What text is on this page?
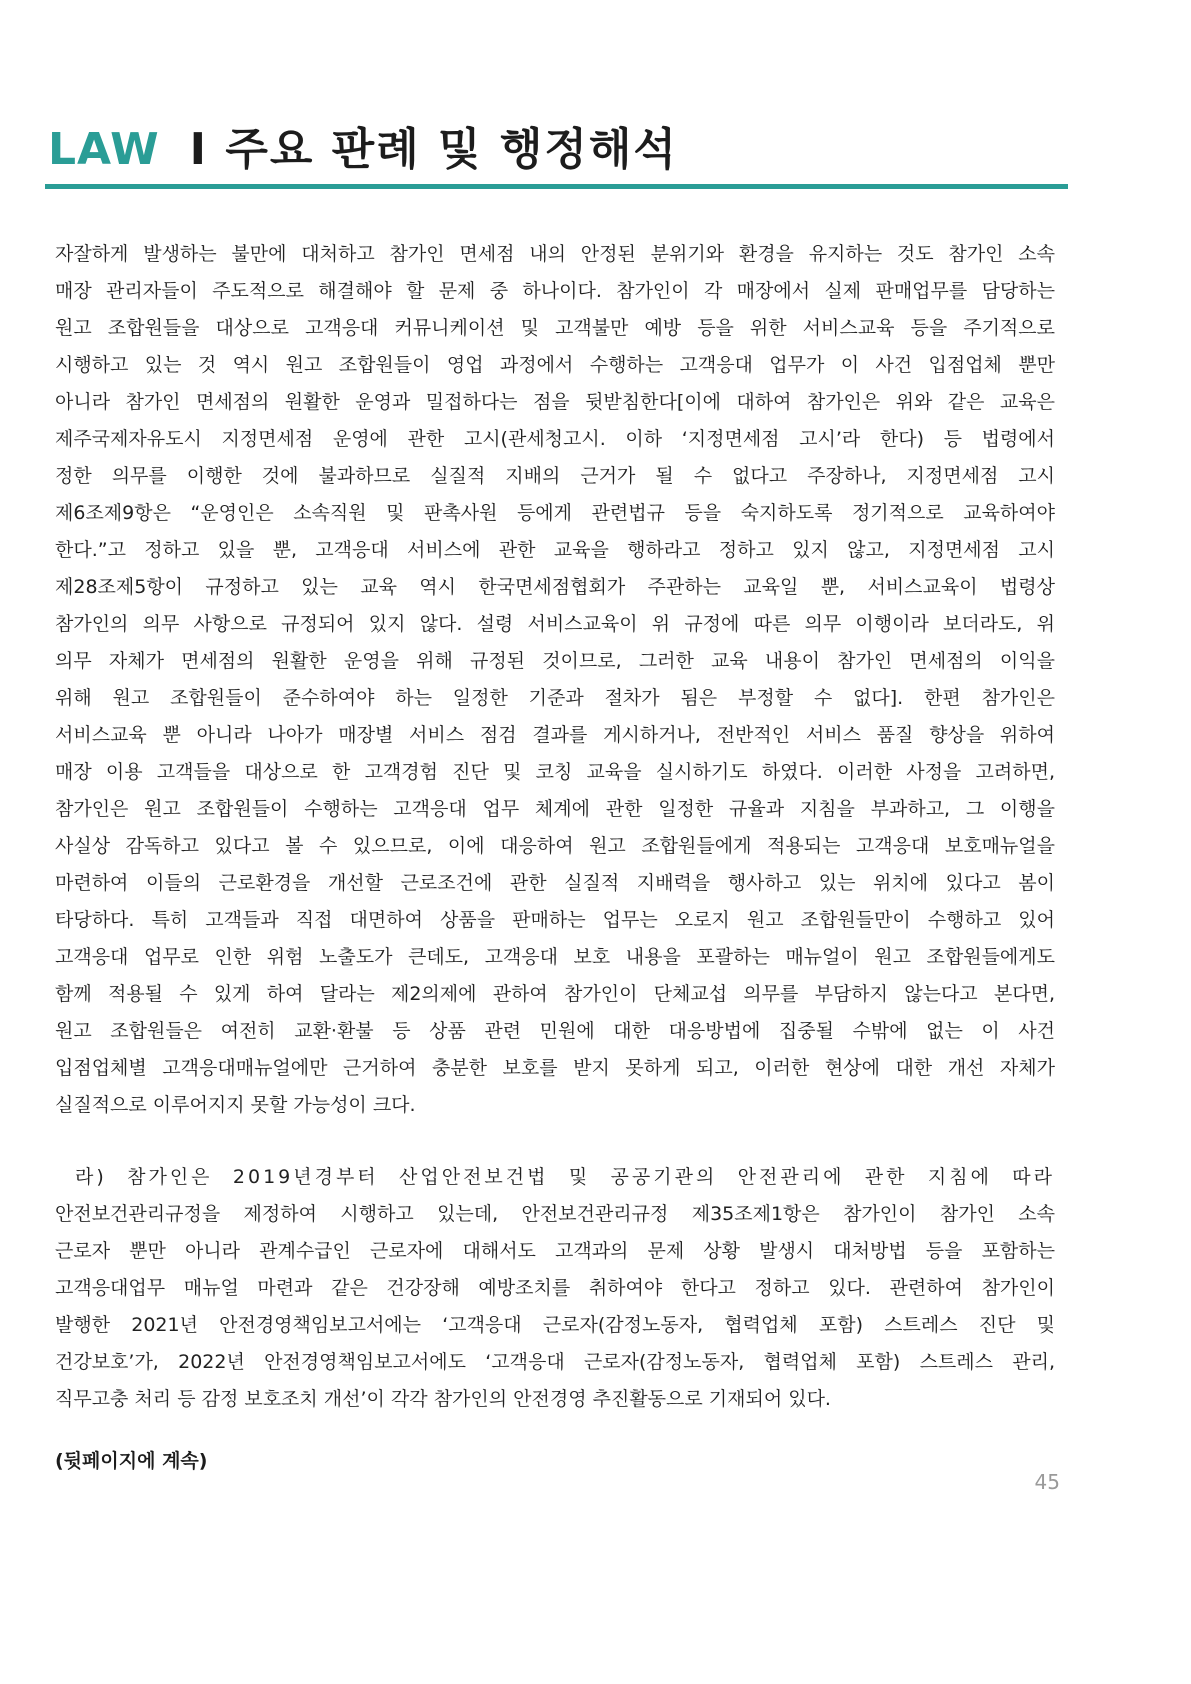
LAW I 주요 판례 및 행정해석
자잘하게 발생하는 불만에 대처하고 참가인 면세점 내의 안정된 분위기와 환경을 유지하는 것도 참가인 소속
매장 관리자들이 주도적으로 해결해야 할 문제 중 하나이다. 참가인이 각 매장에서 실제 판매업무를 담당하는
원고 조합원들을 대상으로 고객응대 커뮤니케이션 및 고객불만 예방 등을 위한 서비스교육 등을 주기적으로
시행하고 있는 것 역시 원고 조합원들이 영업 과정에서 수행하는 고객응대 업무가 이 사건 입점업체 뿐만
아니라 참가인 면세점의 원활한 운영과 밀접하다는 점을 뒷받침한다[이에 대하여 참가인은 위와 같은 교육은
제주국제자유도시 지정면세점 운영에 관한 고시(관세청고시. 이하 ‘지정면세점 고시’라 한다) 등 법령에서
정한 의무를 이행한 것에 불과하므로 실질적 지배의 근거가 될 수 없다고 주장하나, 지정면세점 고시
제6조제9항은 “운영인은 소속직원 및 판촉사원 등에게 관련법규 등을 숙지하도록 정기적으로 교육하여야
한다.”고 정하고 있을 뿐, 고객응대 서비스에 관한 교육을 행하라고 정하고 있지 않고, 지정면세점 고시
제28조제5항이 규정하고 있는 교육 역시 한국면세점협회가 주관하는 교육일 뿐, 서비스교육이 법령상
참가인의 의무 사항으로 규정되어 있지 않다. 설령 서비스교육이 위 규정에 따른 의무 이행이라 보더라도, 위
의무 자체가 면세점의 원활한 운영을 위해 규정된 것이므로, 그러한 교육 내용이 참가인 면세점의 이익을
위해 원고 조합원들이 준수하여야 하는 일정한 기준과 절차가 됨은 부정할 수 없다]. 한편 참가인은
서비스교육 뿐 아니라 나아가 매장별 서비스 점검 결과를 게시하거나, 전반적인 서비스 품질 향상을 위하여
매장 이용 고객들을 대상으로 한 고객경험 진단 및 코칭 교육을 실시하기도 하였다. 이러한 사정을 고려하면,
참가인은 원고 조합원들이 수행하는 고객응대 업무 체계에 관한 일정한 규율과 지침을 부과하고, 그 이행을
사실상 감독하고 있다고 볼 수 있으므로, 이에 대응하여 원고 조합원들에게 적용되는 고객응대 보호매뉴얼을
마련하여 이들의 근로환경을 개선할 근로조건에 관한 실질적 지배력을 행사하고 있는 위치에 있다고 봄이
타당하다. 특히 고객들과 직접 대면하여 상품을 판매하는 업무는 오로지 원고 조합원들만이 수행하고 있어
고객응대 업무로 인한 위험 노출도가 큰데도, 고객응대 보호 내용을 포괄하는 매뉴얼이 원고 조합원들에게도
함께 적용될 수 있게 하여 달라는 제2의제에 관하여 참가인이 단체교섭 의무를 부담하지 않는다고 본다면,
원고 조합원들은 여전히 교환·환불 등 상품 관련 민원에 대한 대응방법에 집중될 수밖에 없는 이 사건
입점업체별 고객응대매뉴얼에만 근거하여 충분한 보호를 받지 못하게 되고, 이러한 현상에 대한 개선 자체가
실질적으로 이루어지지 못할 가능성이 크다.
라) 참가인은 2019년경부터 산업안전보건법 및 공공기관의 안전관리에 관한 지침에 따라
안전보건관리규정을 제정하여 시행하고 있는데, 안전보건관리규정 제35조제1항은 참가인이 참가인 소속
근로자 뿐만 아니라 관계수급인 근로자에 대해서도 고객과의 문제 상황 발생시 대처방법 등을 포함하는
고객응대업무 매뉴얼 마련과 같은 건강장해 예방조치를 취하여야 한다고 정하고 있다. 관련하여 참가인이
발행한 2021년 안전경영책임보고서에는 ‘고객응대 근로자(감정노동자, 협력업체 포함) 스트레스 진단 및
건강보호’가, 2022년 안전경영책임보고서에도 ‘고객응대 근로자(감정노동자, 협력업체 포함) 스트레스 관리,
직무고충 처리 등 감정 보호조치 개선’이 각각 참가인의 안전경영 추진활동으로 기재되어 있다.
(뒷페이지에 계속)
45
